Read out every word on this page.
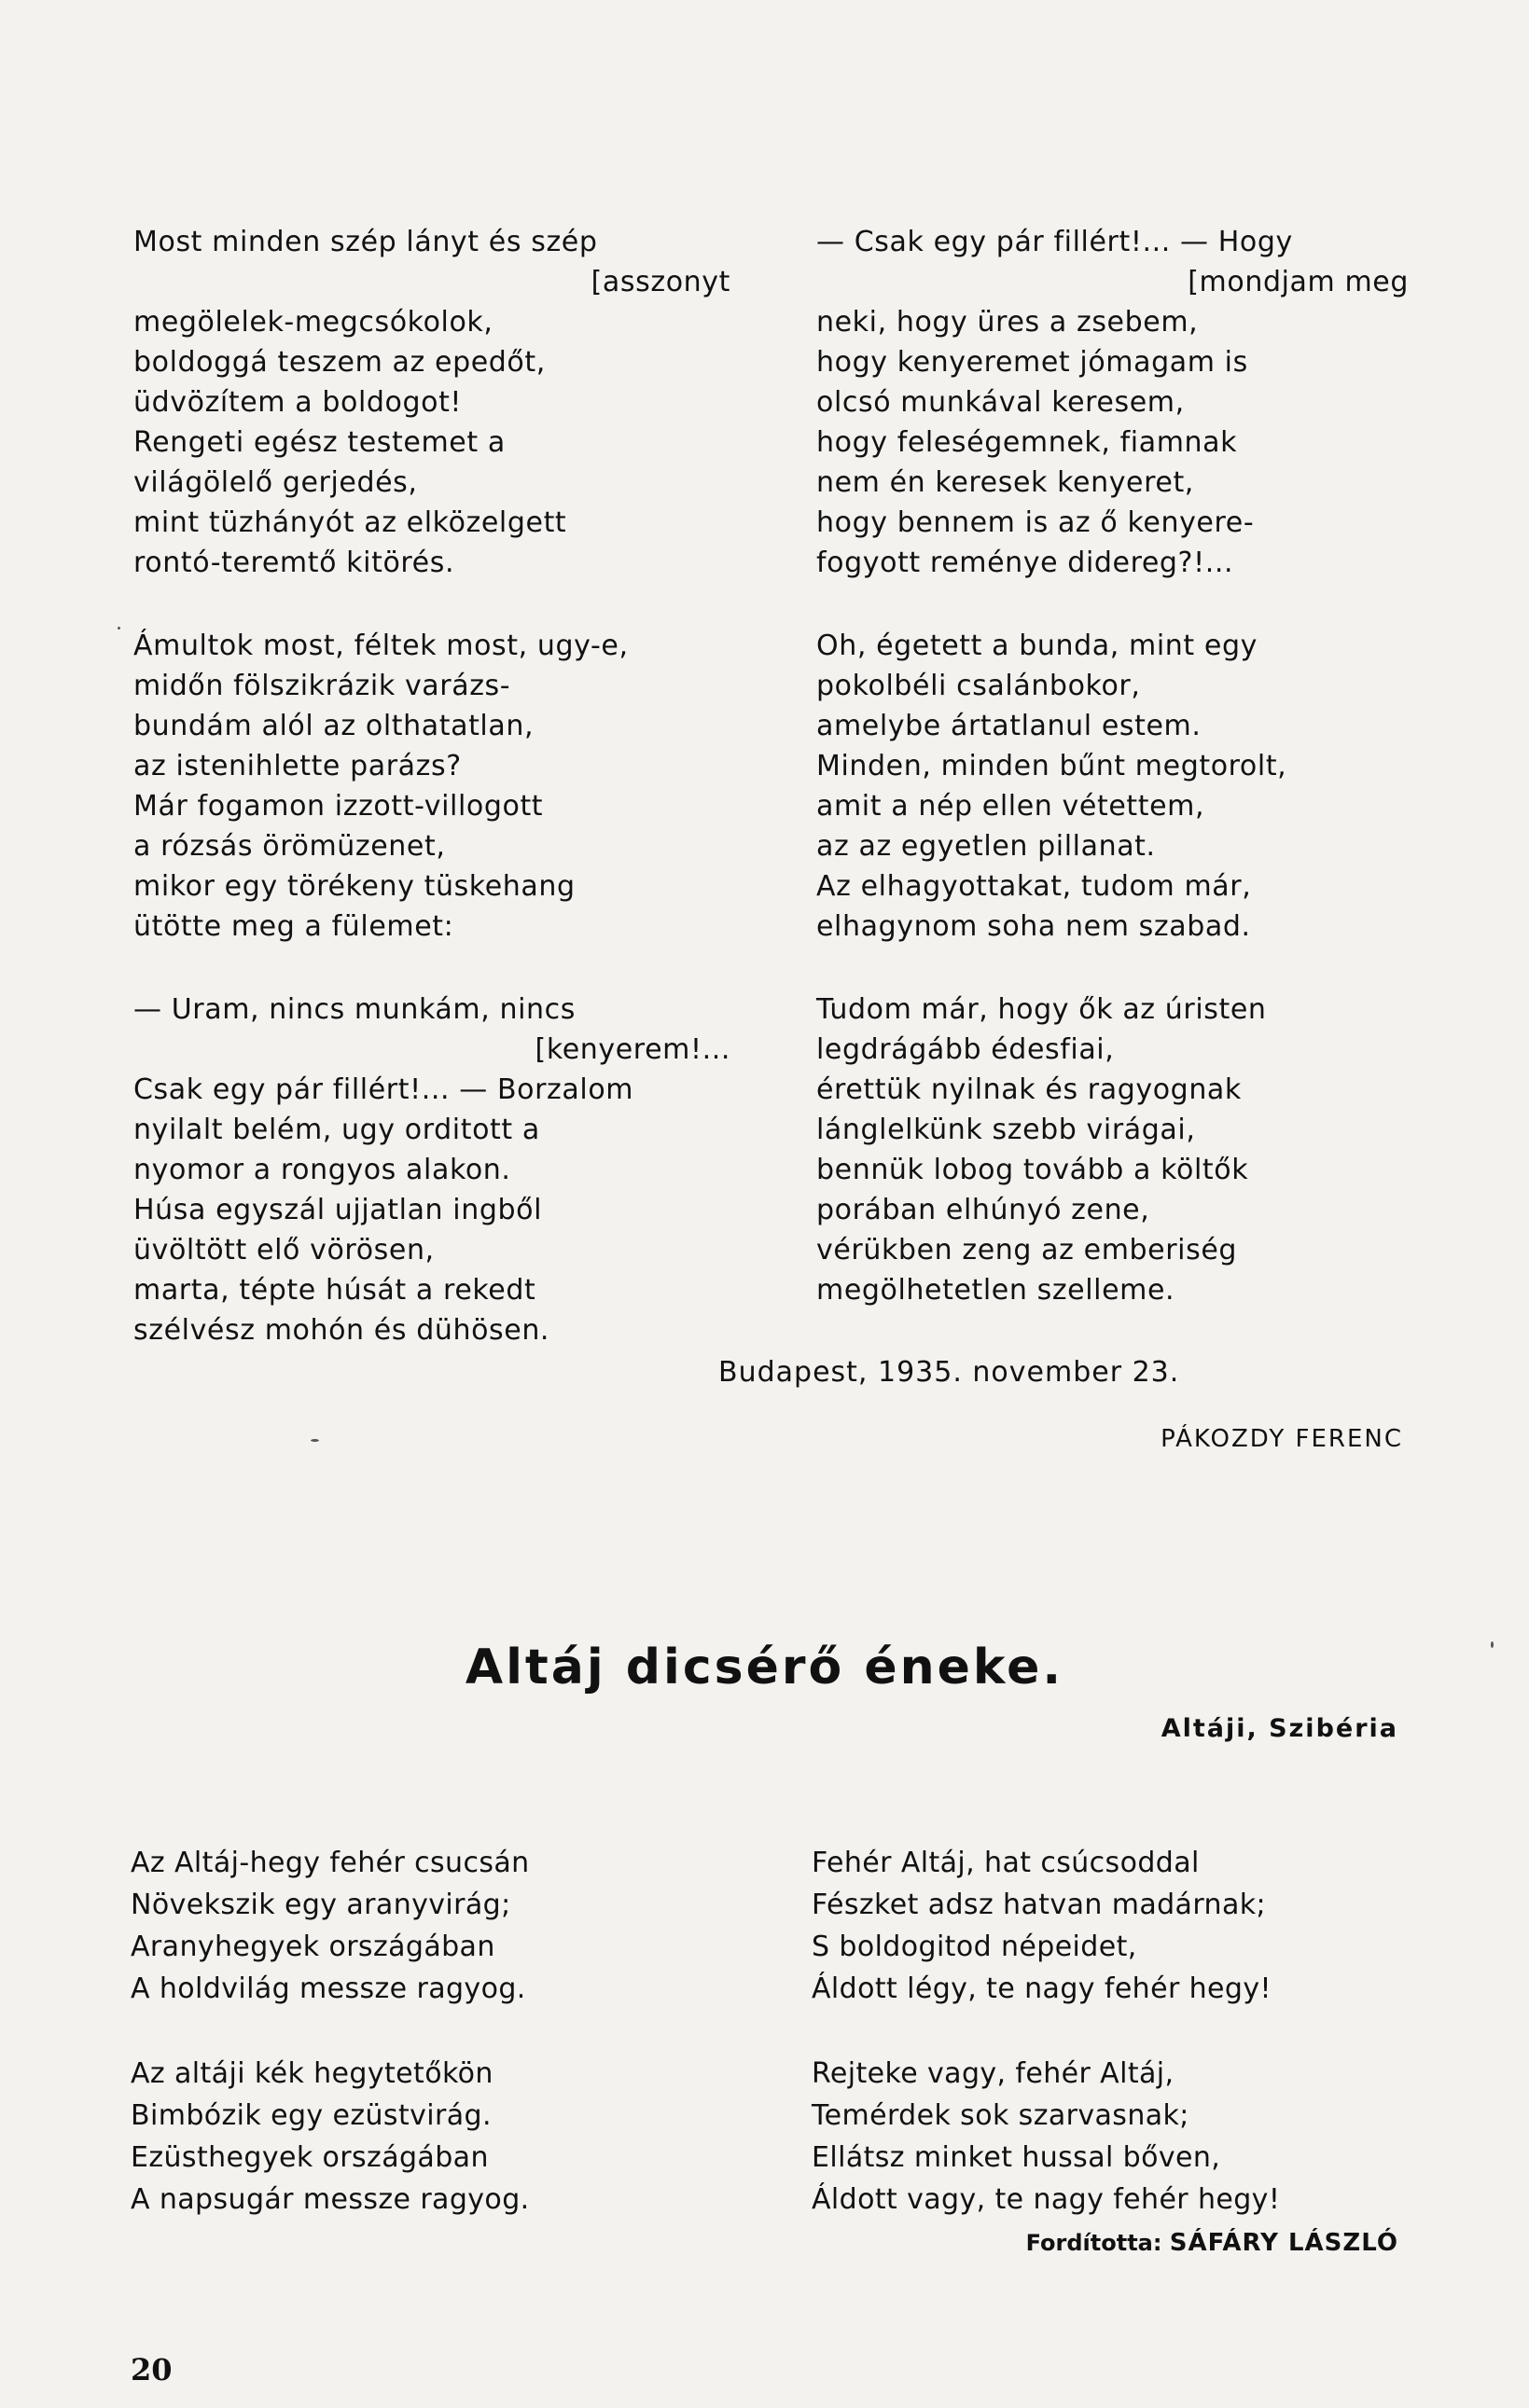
Most minden szép lányt és szép
[asszonyt
megölelek-megcsókolok,
boldoggá teszem az epedőt,
üdvözítem a boldogot!
Rengeti egész testemet a
világölelő gerjedés,
mint tüzhányót az elközelgett
rontó-teremtő kitörés.
Ámultok most, féltek most, ugy-e,
midőn fölszikrázik varázs-
bundám alól az olthatatlan,
az istenihlette parázs?
Már fogamon izzott-villogott
a rózsás örömüzenet,
mikor egy törékeny tüskehang
ütötte meg a fülemet:
— Uram, nincs munkám, nincs
[kenyerem!...
Csak egy pár fillért!... — Borzalom
nyilalt belém, ugy orditott a
nyomor a rongyos alakon.
Húsa egyszál ujjatlan ingből
üvöltött elő vörösen,
marta, tépte húsát a rekedt
szélvész mohón és dühösen.
— Csak egy pár fillért!... — Hogy
[mondjam meg
neki, hogy üres a zsebem,
hogy kenyeremet jómagam is
olcsó munkával keresem,
hogy feleségemnek, fiamnak
nem én keresek kenyeret,
hogy bennem is az ő kenyere-
fogyott reménye didereg?!...
Oh, égetett a bunda, mint egy
pokolbéli csalánbokor,
amelybe ártatlanul estem.
Minden, minden bűnt megtorolt,
amit a nép ellen vétettem,
az az egyetlen pillanat.
Az elhagyottakat, tudom már,
elhagynom soha nem szabad.
Tudom már, hogy ők az úristen
legdrágább édesfiai,
érettük nyilnak és ragyognak
lánglelkünk szebb virágai,
bennük lobog tovább a költők
porában elhúnyó zene,
vérükben zeng az emberiség
megölhetetlen szelleme.
Budapest, 1935. november 23.
PÁKOZDY FERENC
Altáj dicsérő éneke.
Altáji, Szibéria
Az Altáj-hegy fehér csucsán
Növekszik egy aranyvirág;
Aranyhegyek országában
A holdvilág messze ragyog.
Az altáji kék hegytetőkön
Bimbózik egy ezüstvirág.
Ezüsthegyek országában
A napsugár messze ragyog.
Fehér Altáj, hat csúcsoddal
Fészket adsz hatvan madárnak;
S boldogitod népeidet,
Áldott légy, te nagy fehér hegy!
Rejteke vagy, fehér Altáj,
Temérdek sok szarvasnak;
Ellátsz minket hussal bőven,
Áldott vagy, te nagy fehér hegy!
Fordította: SÁFÁRY LÁSZLÓ
20
